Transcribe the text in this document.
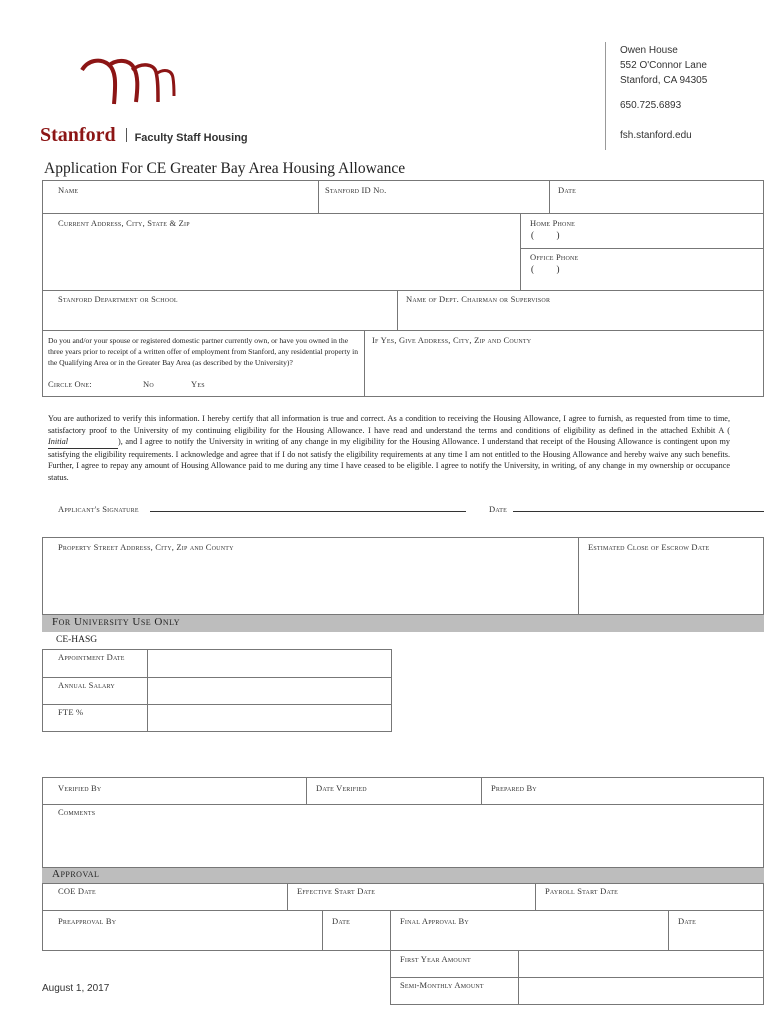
Stanford Faculty Staff Housing
Owen House
552 O'Connor Lane
Stanford, CA 94305
650.725.6893
fsh.stanford.edu
Application For CE Greater Bay Area Housing Allowance
Name	Stanford ID No.	Date
Current Address, City, State & Zip	Home Phone
(          )
Office Phone
(          )
Stanford Department or School	Name of Dept. Chairman or Supervisor
Do you and/or your spouse or registered domestic partner currently own, or have you owned in the three years prior to receipt of a written offer of employment from Stanford, any residential property in the Qualifying Area or in the Greater Bay Area (as described by the University)?
Circle One:	No	Yes
If Yes, Give Address, City, Zip and County
You are authorized to verify this information. I hereby certify that all information is true and correct. As a condition to receiving the Housing Allowance, I agree to furnish, as requested from time to time, satisfactory proof to the University of my continuing eligibility for the Housing Allowance. I have read and understand the terms and conditions of eligibility as defined in the attached Exhibit A (Initial	), and I agree to notify the University in writing of any change in my eligibility for the Housing Allowance. I understand that receipt of the Housing Allowance is contingent upon my satisfying the eligibility requirements. I acknowledge and agree that if I do not satisfy the eligibility requirements at any time I am not entitled to the Housing Allowance and hereby waive any such benefits. Further, I agree to repay any amount of Housing Allowance paid to me during any time I have ceased to be eligible. I agree to notify the University, in writing, of any change in my ownership or occupance status.
Applicant's Signature	Date
Property Street Address, City, Zip and County	Estimated Close of Escrow Date
For University Use Only
CE-HASG
Appointment Date
Annual Salary
FTE %
Verified By	Date Verified	Prepared By
Comments
Approval
COE Date	Effective Start Date	Payroll Start Date
Preapproval By	Date	Final Approval By	Date
First Year Amount
Semi-Monthly Amount
August 1, 2017
